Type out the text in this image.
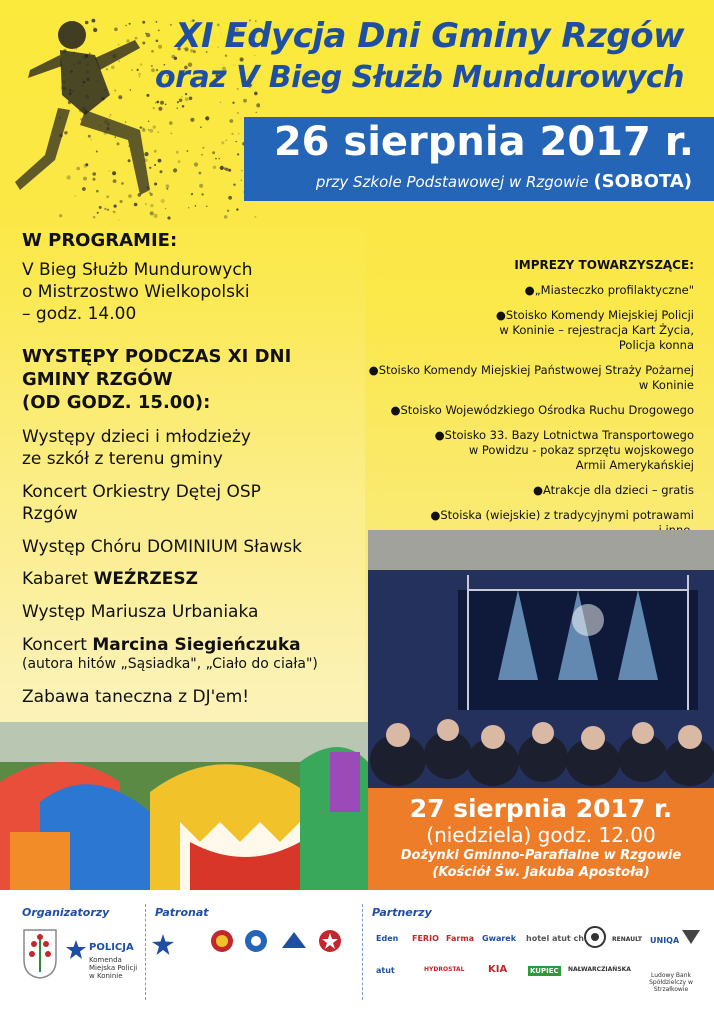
XI Edycja Dni Gminy Rzgów
oraz V Bieg Służb Mundurowych
26 sierpnia 2017 r.
przy Szkole Podstawowej w Rzgowie (SOBOTA)
W PROGRAMIE:
V Bieg Służb Mundurowych
o Mistrzostwo Wielkopolski
– godz. 14.00
WYSTĘPY PODCZAS XI DNI
GMINY RZGÓW
(OD GODZ. 15.00):
Występy dzieci i młodzieży
ze szkół z terenu gminy
Koncert Orkiestry Dętej OSP
Rzgów
Występ Chóru DOMINIUM Sławsk
Kabaret WEŹRZESZ
Występ Mariusza Urbaniaka
Koncert Marcina Siegieńczuka
(autora hitów „Sąsiadka", „Ciało do ciała")
Zabawa taneczna z DJ'em!
IMPREZY TOWARZYSZĄCE:
●„Miasteczko profilaktyczne"
●Stoisko Komendy Miejskiej Policji
w Koninie – rejestracja Kart Życia,
Policja konna
●Stoisko Komendy Miejskiej Państwowej Straży Pożarnej
w Koninie
●Stoisko Wojewódzkiego Ośrodka Ruchu Drogowego
●Stoisko 33. Bazy Lotnictwa Transportowego
w Powidzu - pokaz sprzętu wojskowego
Armii Amerykańskiej
●Atrakcje dla dzieci – gratis
●Stoiska (wiejskie) z tradycyjnymi potrawami
27 sierpnia 2017 r.
(niedziela) godz. 12.00
Dożynki Gminno-Parafialne w Rzgowie
(Kościół Św. Jakuba Apostoła)
Organizatorzy	Patronat	Partnerzy
POLICJA
Komenda Miejska Policji w Koninie
Eden FERIO Farma Gwarek hotel atut ch	RENAULT UNIQA
atut	HYDROSTAL KIA	KUPIEC	NAŁWARCZIAŃSKA
Ludowy Bank Spółdzielczy w Strzałkowie
